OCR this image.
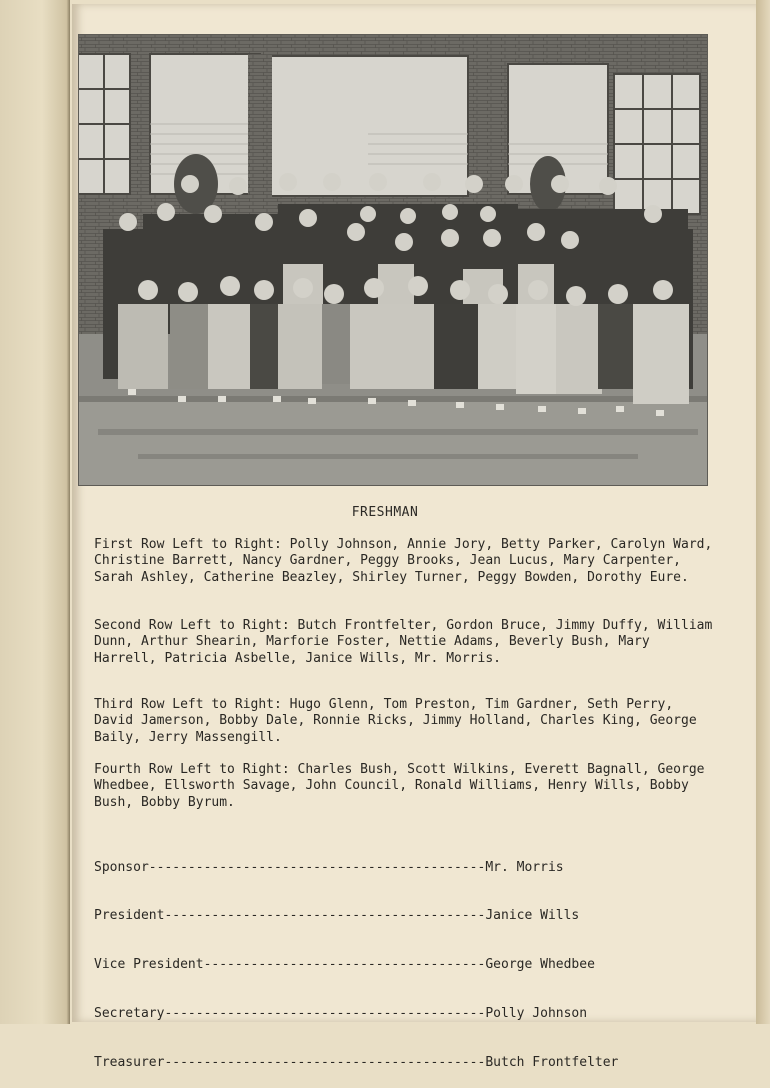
FRESHMAN

First Row Left to Right: Polly Johnson, Annie Jory, Betty Parker, Carolyn Ward, Christine Barrett, Nancy Gardner, Peggy Brooks, Jean Lucus, Mary Carpenter, Sarah Ashley, Catherine Beazley, Shirley Turner, Peggy Bowden, Dorothy Eure.

Second Row Left to Right: Butch Frontfelter, Gordon Bruce, Jimmy Duffy, William Dunn, Arthur Shearin, Marforie Foster, Nettie Adams, Beverly Bush, Mary Harrell, Patricia Asbelle, Janice Wills, Mr. Morris.

Third Row Left to Right: Hugo Glenn, Tom Preston, Tim Gardner, Seth Perry, David Jamerson, Bobby Dale, Ronnie Ricks, Jimmy Holland, Charles King, George Baily, Jerry Massengill.

Fourth Row Left to Right: Charles Bush, Scott Wilkins, Everett Bagnall, George Whedbee, Ellsworth Savage, John Council, Ronald Williams, Henry Wills, Bobby Bush, Bobby Byrum.

Sponsor-------------------------------------------Mr. Morris

President-----------------------------------------Janice Wills

Vice President------------------------------------George Whedbee

Secretary-----------------------------------------Polly Johnson

Treasurer-----------------------------------------Butch Frontfelter
